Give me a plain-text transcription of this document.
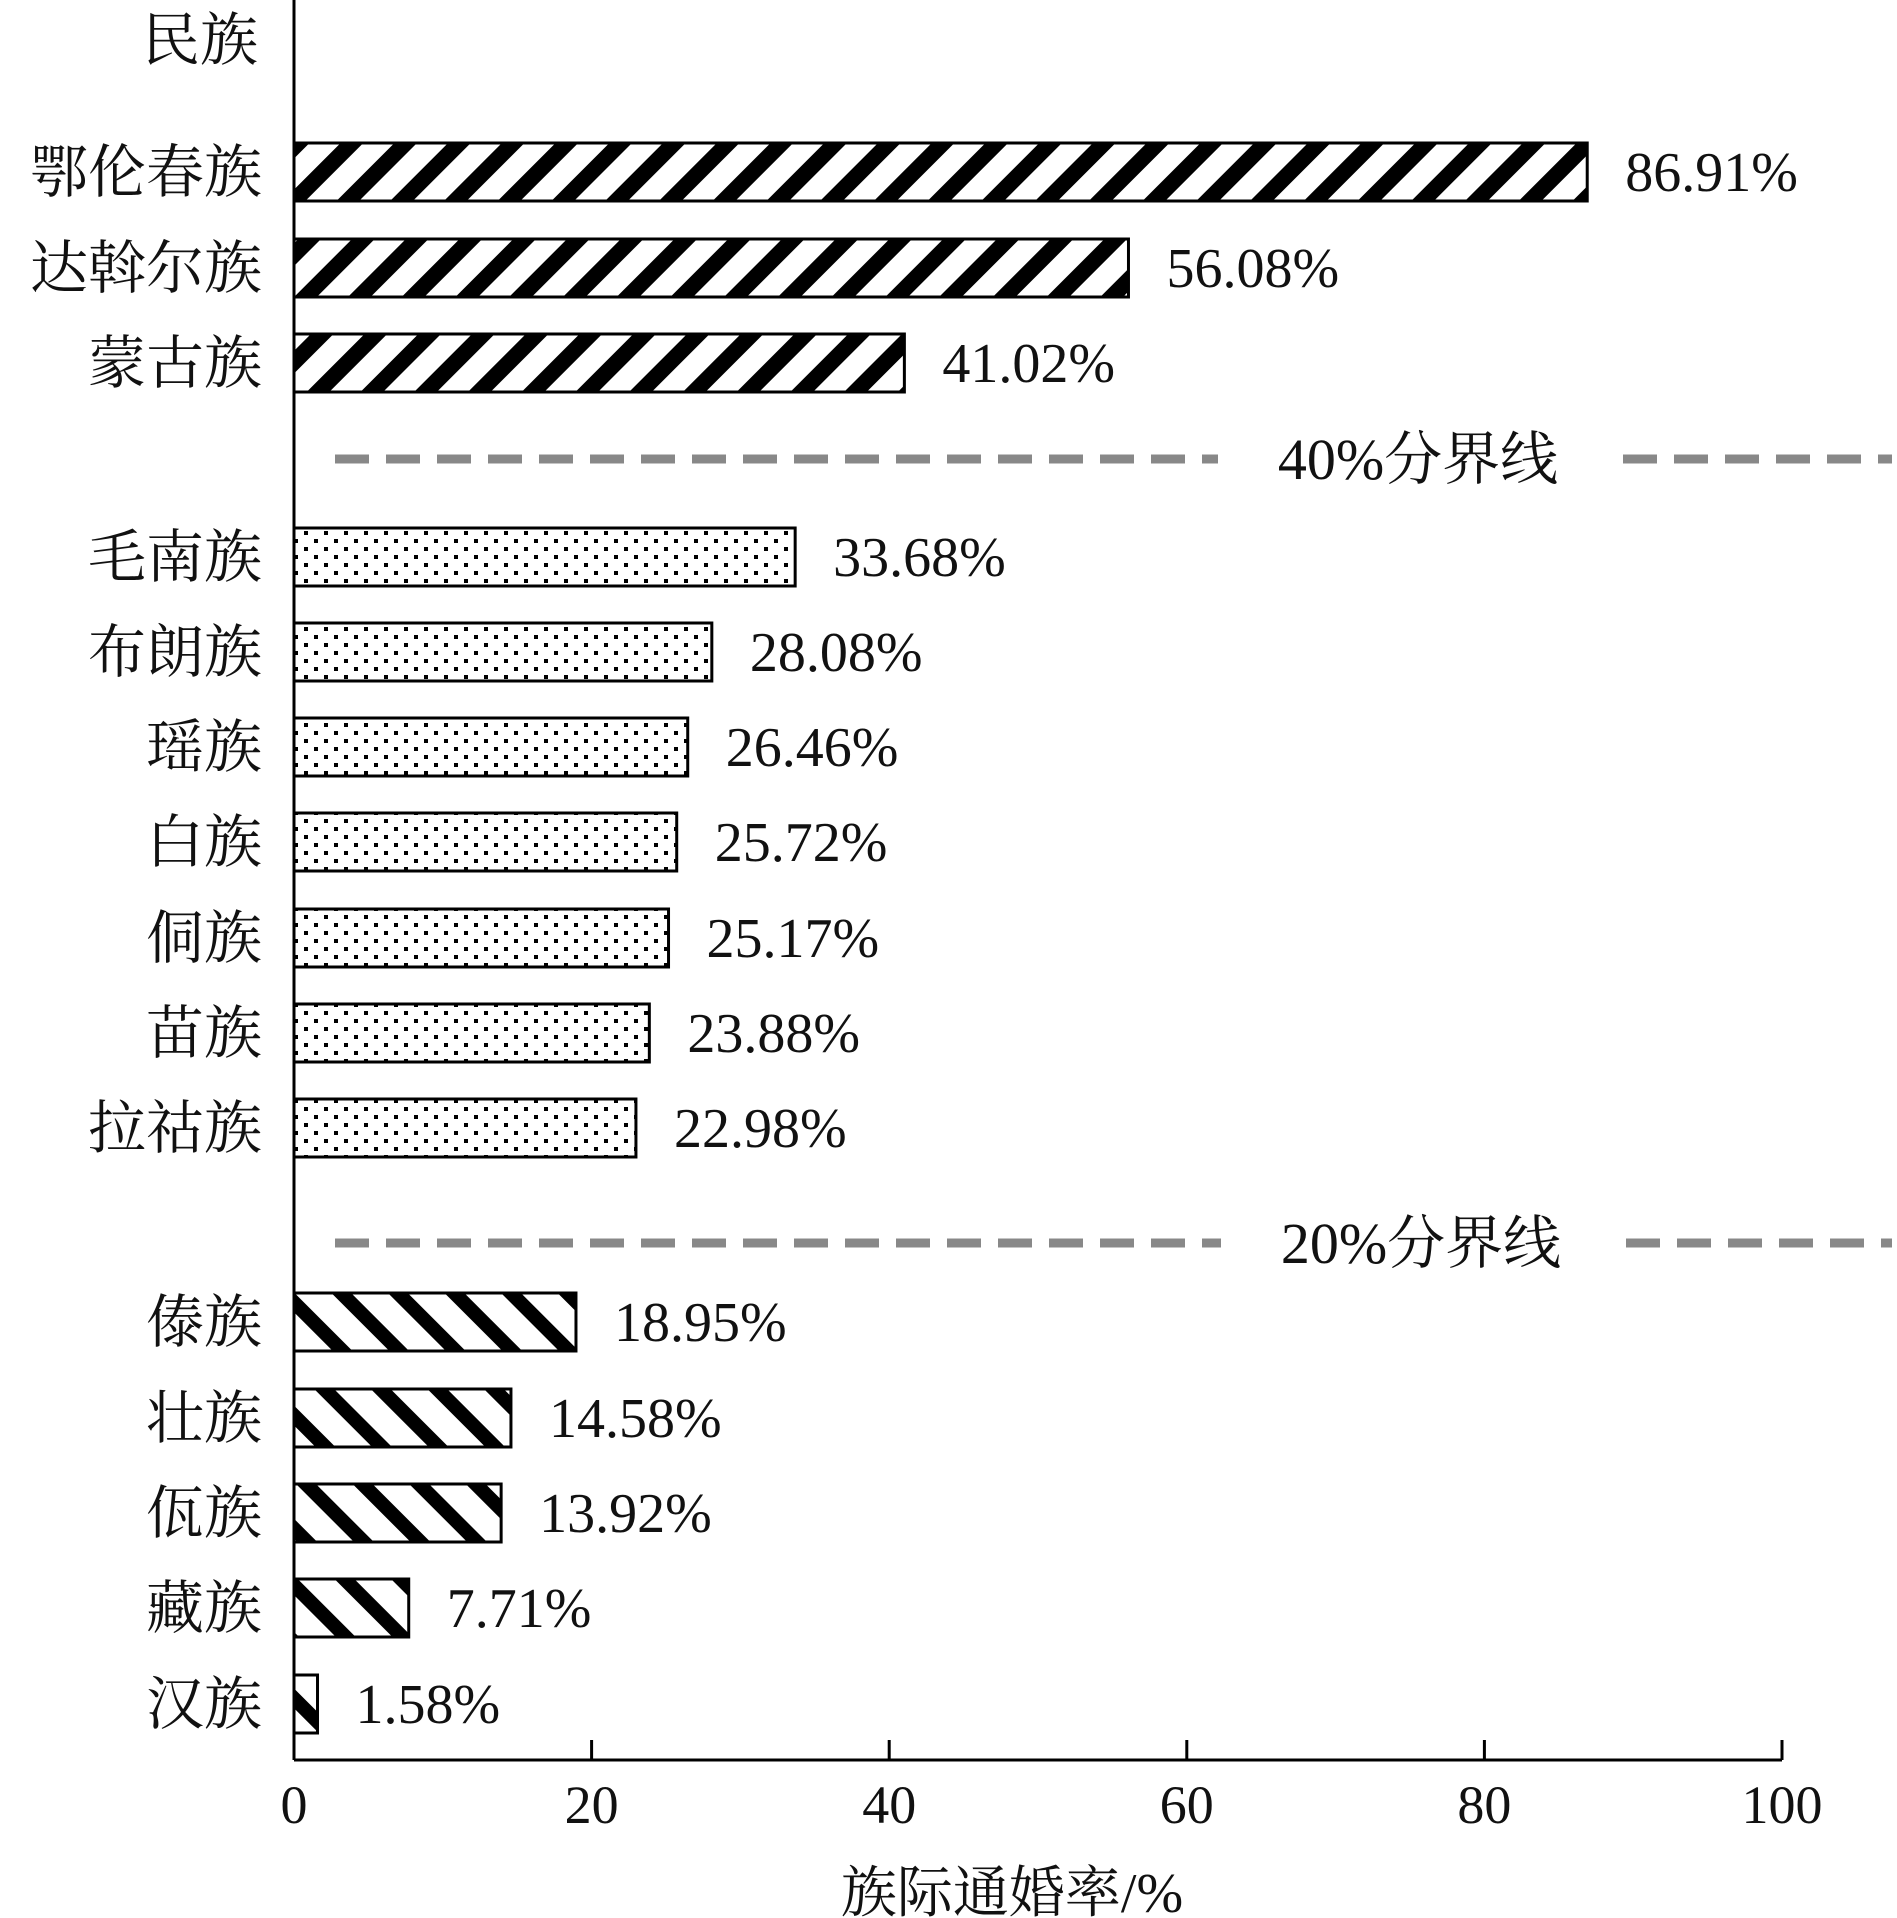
40%分界线
20%分界线
民族
族际通婚率/%
鄂伦春族	86.91%
达斡尔族	56.08%
蒙古族	41.02%
毛南族	33.68%
布朗族	28.08%
瑶族	26.46%
白族	25.72%
侗族	25.17%
苗族	23.88%
拉祜族	22.98%
傣族	18.95%
壮族	14.58%
佤族	13.92%
藏族	7.71%
汉族 1.58%
0	20	40	60	80	100
